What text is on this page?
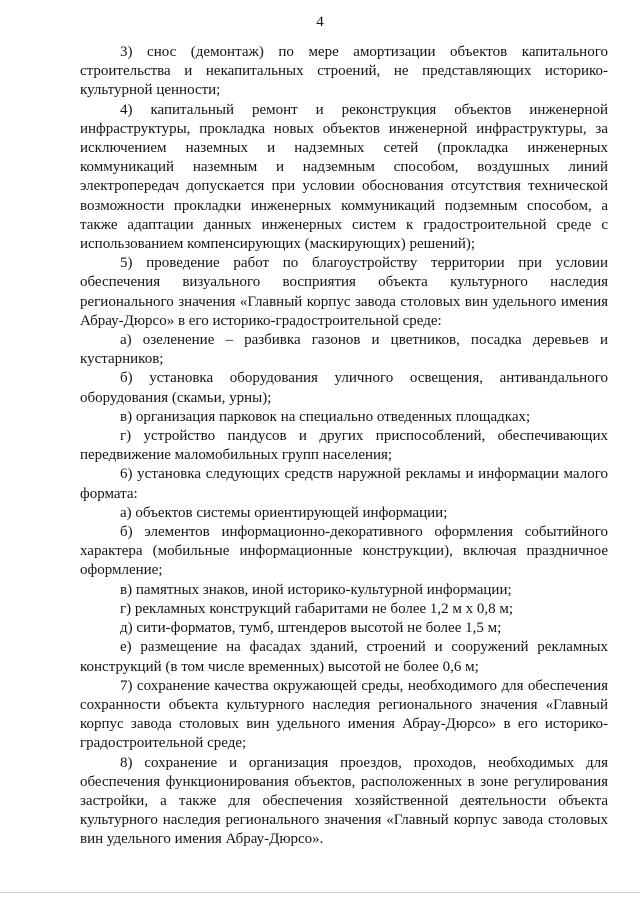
4

3) снос (демонтаж) по мере амортизации объектов капитального строительства и некапитальных строений, не представляющих историко-культурной ценности;

4) капитальный ремонт и реконструкция объектов инженерной инфраструктуры, прокладка новых объектов инженерной инфраструктуры, за исключением наземных и надземных сетей (прокладка инженерных коммуникаций наземным и надземным способом, воздушных линий электропередач допускается при условии обоснования отсутствия технической возможности прокладки инженерных коммуникаций подземным способом, а также адаптации данных инженерных систем к градостроительной среде с использованием компенсирующих (маскирующих) решений);

5) проведение работ по благоустройству территории при условии обеспечения визуального восприятия объекта культурного наследия регионального значения «Главный корпус завода столовых вин удельного имения Абрау-Дюрсо» в его историко-градостроительной среде:

а) озеленение – разбивка газонов и цветников, посадка деревьев и кустарников;

б) установка оборудования уличного освещения, антивандального оборудования (скамьи, урны);

в) организация парковок на специально отведенных площадках;

г) устройство пандусов и других приспособлений, обеспечивающих передвижение маломобильных групп населения;

6) установка следующих средств наружной рекламы и информации малого формата:

а) объектов системы ориентирующей информации;

б) элементов информационно-декоративного оформления событийного характера (мобильные информационные конструкции), включая праздничное оформление;

в) памятных знаков, иной историко-культурной информации;

г) рекламных конструкций габаритами не более 1,2 м х 0,8 м;

д) сити-форматов, тумб, штендеров высотой не более 1,5 м;

е) размещение на фасадах зданий, строений и сооружений рекламных конструкций (в том числе временных) высотой не более 0,6 м;

7) сохранение качества окружающей среды, необходимого для обеспечения сохранности объекта культурного наследия регионального значения «Главный корпус завода столовых вин удельного имения Абрау-Дюрсо» в его историко-градостроительной среде;

8) сохранение и организация проездов, проходов, необходимых для обеспечения функционирования объектов, расположенных в зоне регулирования застройки, а также для обеспечения хозяйственной деятельности объекта культурного наследия регионального значения «Главный корпус завода столовых вин удельного имения Абрау-Дюрсо».
